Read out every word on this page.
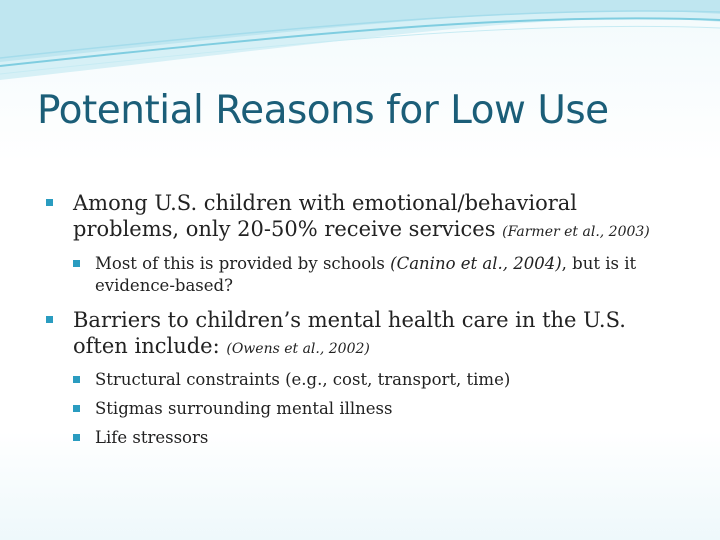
Potential Reasons for Low Use
Among U.S. children with emotional/behavioral problems, only 20-50% receive services (Farmer et al., 2003)
Most of this is provided by schools (Canino et al., 2004), but is it evidence-based?
Barriers to children’s mental health care in the U.S. often include: (Owens et al., 2002)
Structural constraints (e.g., cost, transport, time)
Stigmas surrounding mental illness
Life stressors
